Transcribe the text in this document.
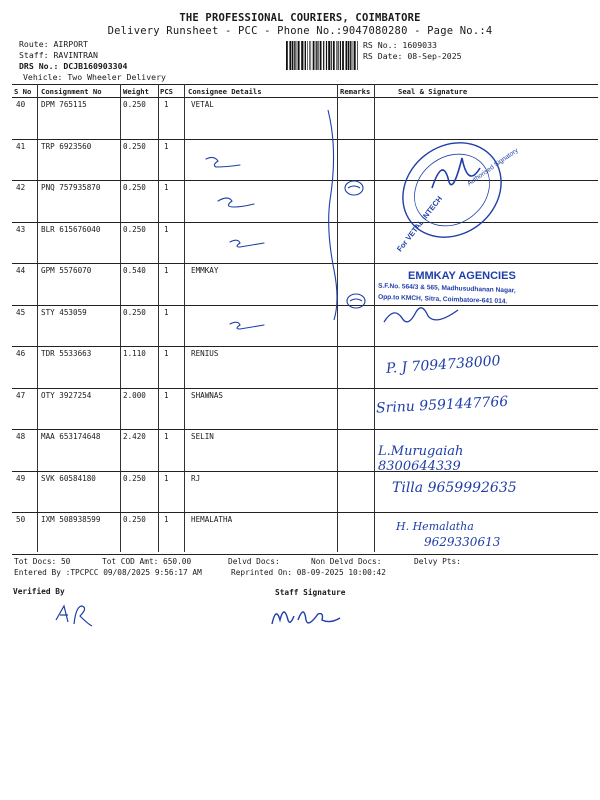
THE PROFESSIONAL COURIERS, COIMBATORE
Delivery Runsheet - PCC - Phone No.:9047080280 - Page No.:4
Route: AIRPORT
Staff: RAVINTRAN
DRS No.: DCJB160903304
Vehicle: Two Wheeler Delivery
RS No.: 1609033
RS Date: 08-Sep-2025
S No Consignment No	Weight PCS Consignee Details	Remarks	Seal & Signature
40 DPM 765115	0.250 1	VETAL
41 TRP 6923560	0.250 1
42 PNQ 757935870	0.250 1
43 BLR 615676040	0.250 1
44 GPM 5576070	0.540 1	EMMKAY
45 STY 453059	0.250 1
46 TDR 5533663	1.110 1	RENIUS
47 OTY 3927254	2.000 1	SHAWNAS
48 MAA 653174648	2.420 1	SELIN
49 SVK 60584180	0.250 1	RJ
50 IXM 508938599	0.250 1	HEMALATHA
For VETAL INTECH
Authorised Signatory
EMMKAY AGENCIES
S.F.No. 564/3 & 565, Madhusudhanan Nagar,
Opp.to KMCH, Sitra, Coimbatore-641 014.
P. J 7094738000
Srinu 9591447766
L.Murugaiah 8300644339
Tilla 9659992635
H. Hemalatha
9629330613
Tot Docs: 50	Tot COD Amt: 650.00	Delvd Docs:	Non Delvd Docs:	Delvy Pts:
Entered By :TPCPCC 09/08/2025 9:56:17 AM	Reprinted On: 08-09-2025 10:00:42
Verified By	Staff Signature
